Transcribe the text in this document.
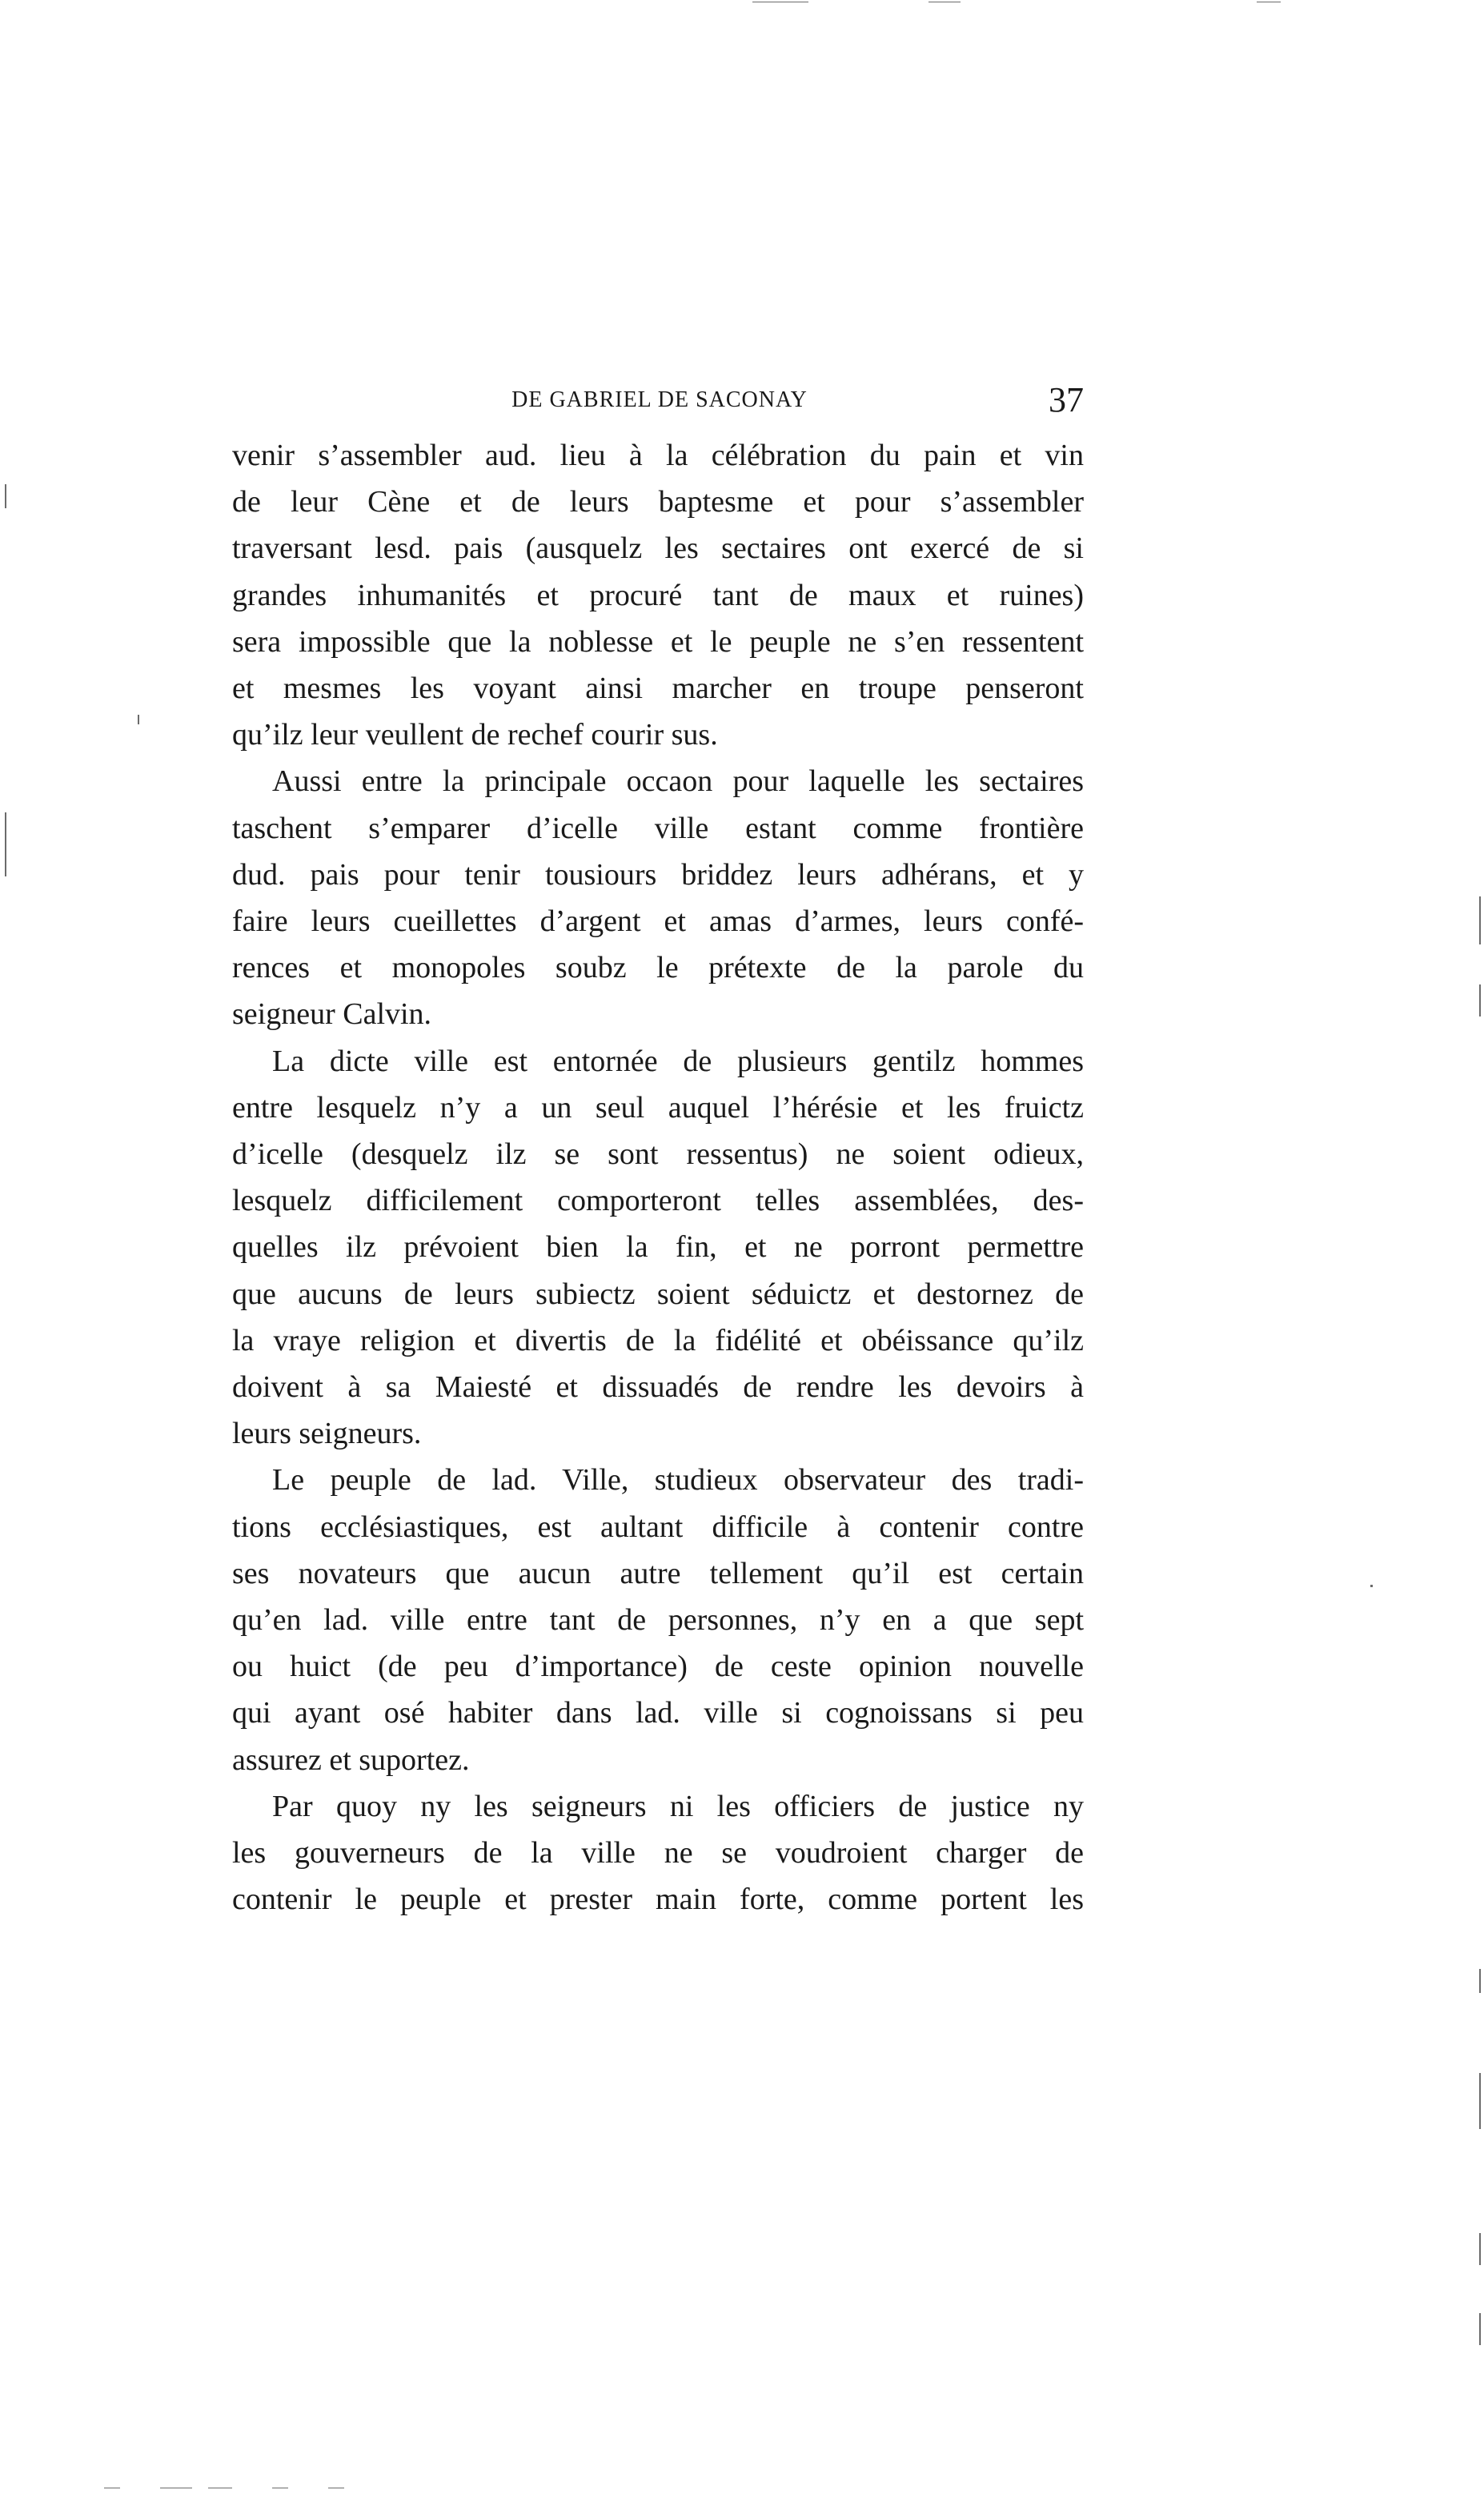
DE GABRIEL DE SACONAY	37

venir s’assembler aud. lieu à la célébration du pain et vin
de leur Cène et de leurs baptesme et pour s’assembler
traversant lesd. pais (ausquelz les sectaires ont exercé de si
grandes inhumanités et procuré tant de maux et ruines)
sera impossible que la noblesse et le peuple ne s’en ressentent
et mesmes les voyant ainsi marcher en troupe penseront
qu’ilz leur veullent de rechef courir sus.

Aussi entre la principale occaon pour laquelle les sectaires
taschent s’emparer d’icelle ville estant comme frontière
dud. pais pour tenir tousiours briddez leurs adhérans, et y
faire leurs cueillettes d’argent et amas d’armes, leurs confé-
rences et monopoles soubz le prétexte de la parole du
seigneur Calvin.

La dicte ville est entornée de plusieurs gentilz hommes
entre lesquelz n’y a un seul auquel l’hérésie et les fruictz
d’icelle (desquelz ilz se sont ressentus) ne soient odieux,
lesquelz difficilement comporteront telles assemblées, des-
quelles ilz prévoient bien la fin, et ne porront permettre
que aucuns de leurs subiectz soient séduictz et destornez de
la vraye religion et divertis de la fidélité et obéissance qu’ilz
doivent à sa Maiesté et dissuadés de rendre les devoirs à
leurs seigneurs.

Le peuple de lad. Ville, studieux observateur des tradi-
tions ecclésiastiques, est aultant difficile à contenir contre
ses novateurs que aucun autre tellement qu’il est certain
qu’en lad. ville entre tant de personnes, n’y en a que sept
ou huict (de peu d’importance) de ceste opinion nouvelle
qui ayant osé habiter dans lad. ville si cognoissans si peu
assurez et suportez.

Par quoy ny les seigneurs ni les officiers de justice ny
les gouverneurs de la ville ne se voudroient charger de
contenir le peuple et prester main forte, comme portent les
